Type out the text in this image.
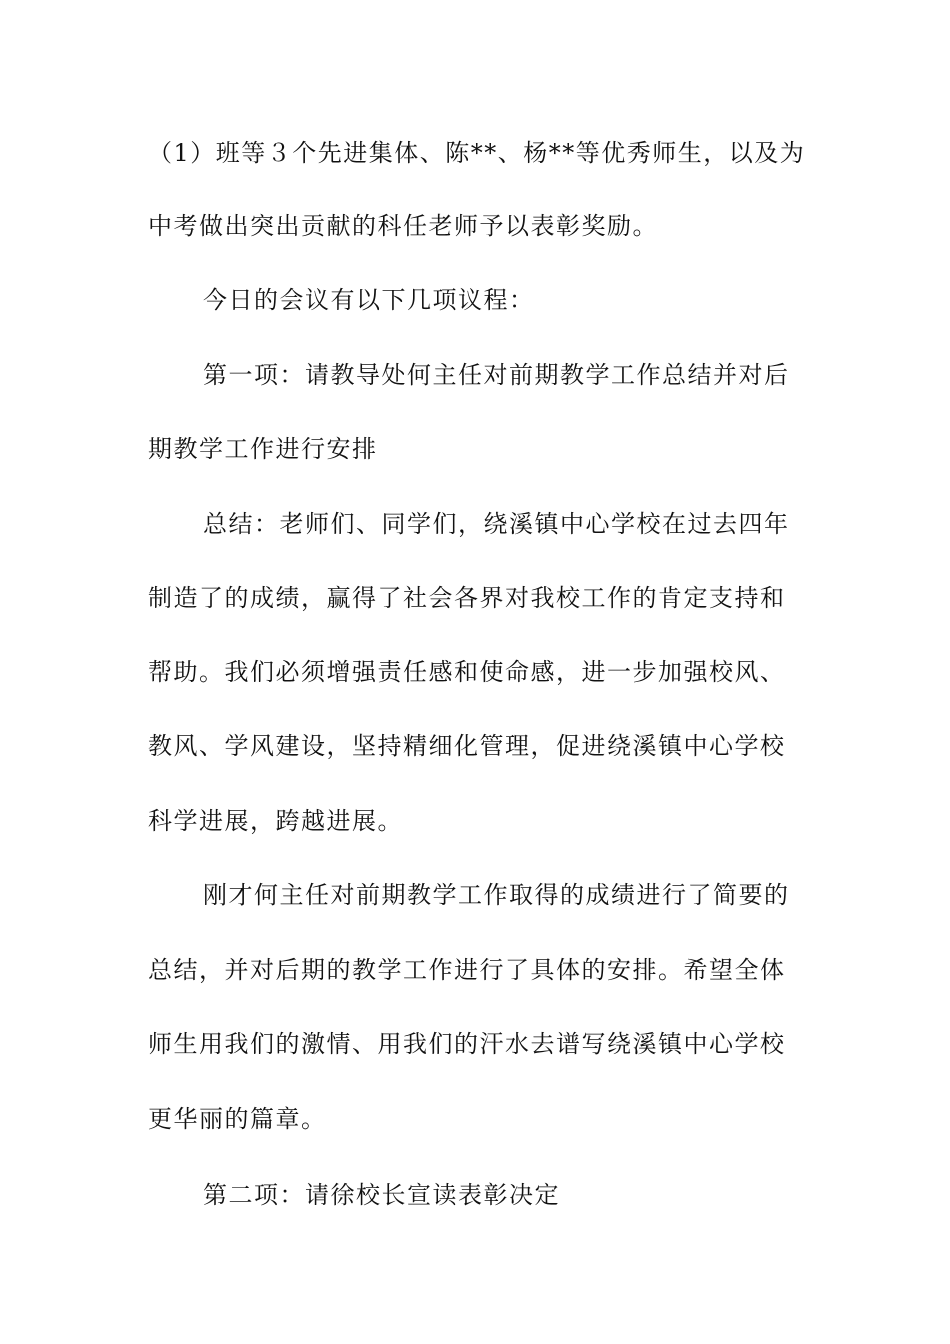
（1）班等３个先进集体、陈**、杨**等优秀师生，以及为
中考做出突出贡献的科任老师予以表彰奖励。
今日的会议有以下几项议程：
第一项：请教导处何主任对前期教学工作总结并对后
期教学工作进行安排
总结：老师们、同学们，绕溪镇中心学校在过去四年
制造了的成绩，赢得了社会各界对我校工作的肯定支持和
帮助。我们必须增强责任感和使命感，进一步加强校风、
教风、学风建设，坚持精细化管理，促进绕溪镇中心学校
科学进展，跨越进展。
刚才何主任对前期教学工作取得的成绩进行了简要的
总结，并对后期的教学工作进行了具体的安排。希望全体
师生用我们的激情、用我们的汗水去谱写绕溪镇中心学校
更华丽的篇章。
第二项：请徐校长宣读表彰决定
